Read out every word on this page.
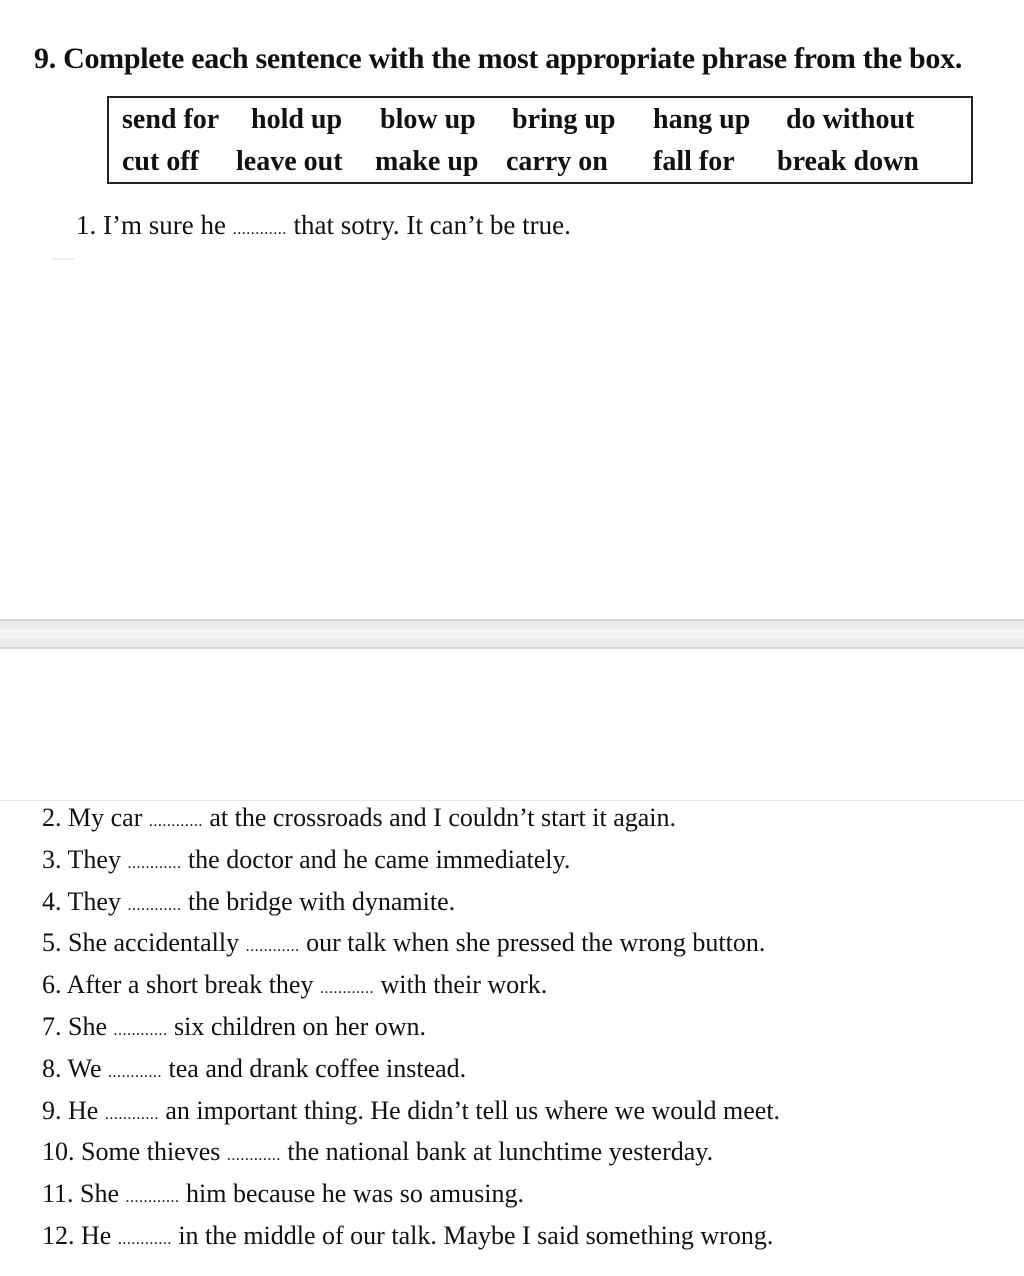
9. Complete each sentence with the most appropriate phrase from the box.
send for hold up blow up bring up hang up do without
cut off leave out make up carry on fall for break down
1. I’m sure he ............ that sotry. It can’t be true.
2. My car ............ at the crossroads and I couldn’t start it again.
3. They ............ the doctor and he came immediately.
4. They ............ the bridge with dynamite.
5. She accidentally ............ our talk when she pressed the wrong button.
6. After a short break they ............ with their work.
7. She ............ six children on her own.
8. We ............ tea and drank coffee instead.
9. He ............ an important thing. He didn’t tell us where we would meet.
10. Some thieves ............ the national bank at lunchtime yesterday.
11. She ............ him because he was so amusing.
12. He ............ in the middle of our talk. Maybe I said something wrong.
